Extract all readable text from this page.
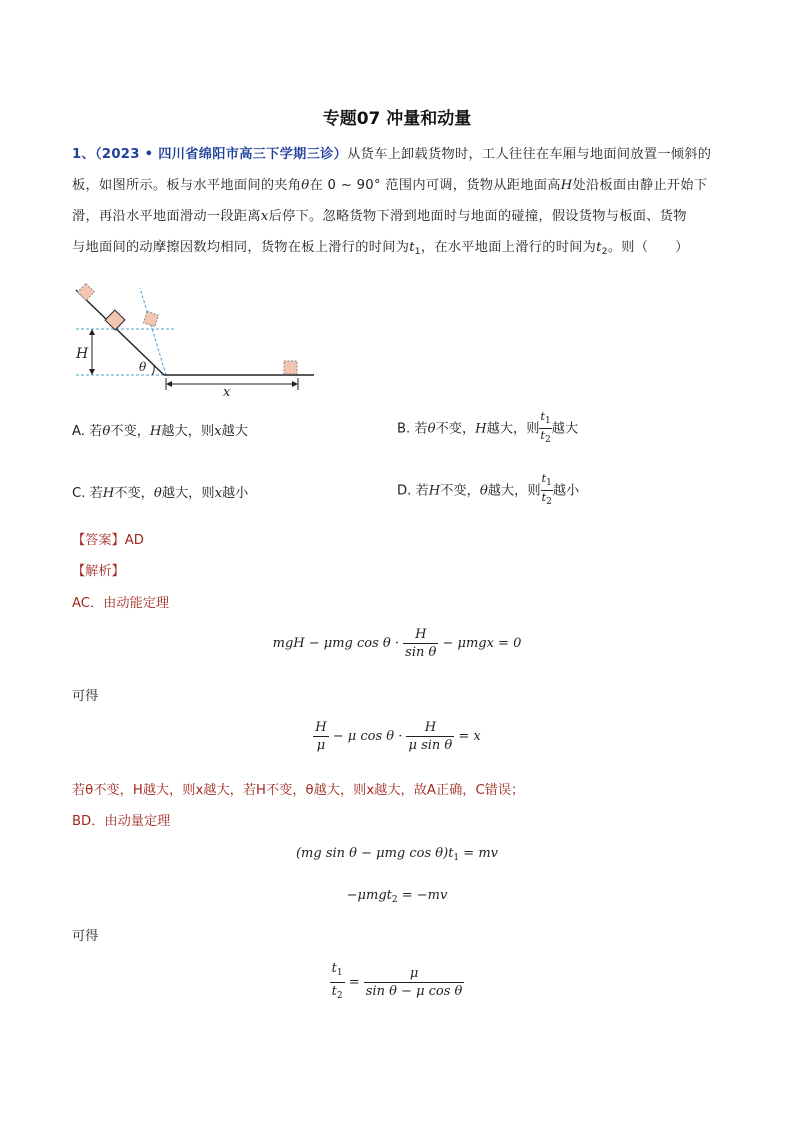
专题07 冲量和动量
1、（2023 • 四川省绵阳市高三下学期三诊）从货车上卸载货物时，工人往往在车厢与地面间放置一倾斜的
板，如图所示。板与水平地面间的夹角θ在 0 ~ 90° 范围内可调，货物从距地面高H处沿板面由静止开始下
滑，再沿水平地面滑动一段距离x后停下。忽略货物下滑到地面时与地面的碰撞，假设货物与板面、货物
与地面间的动摩擦因数均相同，货物在板上滑行的时间为$t_1$，在水平地面上滑行的时间为$t_2$。则（　　）
H
θ
x
A. 若θ不变，H越大，则x越大	B. 若θ不变，H越大，则 $\frac{t_1}{t_2}$ 越大
C. 若H不变，θ越大，则x越小	D. 若H不变，θ越大，则 $\frac{t_1}{t_2}$ 越小
【答案】AD
【解析】
AC．由动能定理
mgH − μmg $\cos \theta \cdot \frac{H}{\text{sin θ}} - \mu mgx = 0$
可得
$\frac{H}{\mu} - \mu$ $\cos \theta \cdot \frac{H}{\text{μ sin θ}} = x$
若θ不变，H越大，则x越大，若H不变，θ越大，则x越大，故A正确，C错误；
BD．由动量定理
(mg sin θ − μmg $\cos \theta)t_1$ = mv
−μmgt$_2$ = −mv
可得
$\frac{t_1}{t_2} = \frac{\mu}{\text{sin θ − μ cos θ}}$
